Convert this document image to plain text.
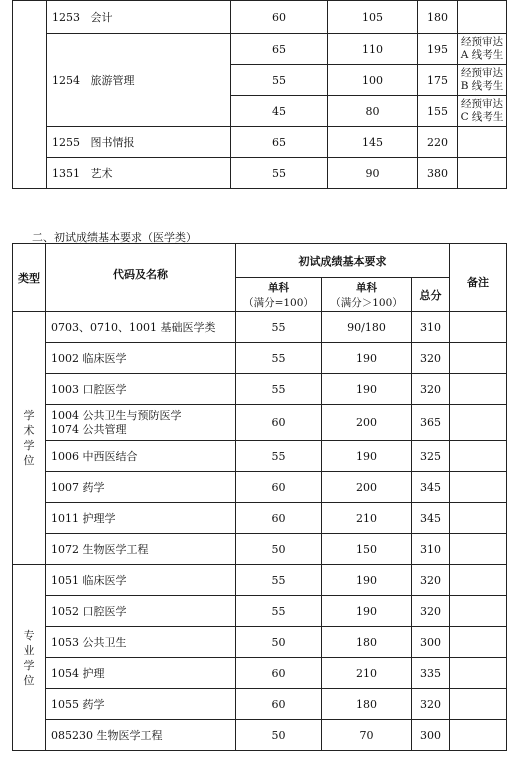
	1253 会计	60	105	180	
	1254 旅游管理	65	110	195	经预审达
A 线考生
		55	100	175	经预审达
B 线考生
		45	80	155	经预审达
C 线考生
	1255 图书情报	65	145	220	
	1351 艺术	55	90	380	

二、初试成绩基本要求（医学类）

类型	代码及名称	初试成绩基本要求			备注
		单科
（满分=100）	单科
（满分＞100）	总分	

学
术
学
位	0703、0710、1001 基础医学类	55	90/180	310	
	1002 临床医学	55	190	320	
	1003 口腔医学	55	190	320	
	1004 公共卫生与预防医学
1074 公共管理	60	200	365	
	1006 中西医结合	55	190	325	
	1007 药学	60	200	345	
	1011 护理学	60	210	345	
	1072 生物医学工程	50	150	310	

专
业
学
位	1051 临床医学	55	190	320	
	1052 口腔医学	55	190	320	
	1053 公共卫生	50	180	300	
	1054 护理	60	210	335	
	1055 药学	60	180	320	
	085230 生物医学工程	50	70	300	
